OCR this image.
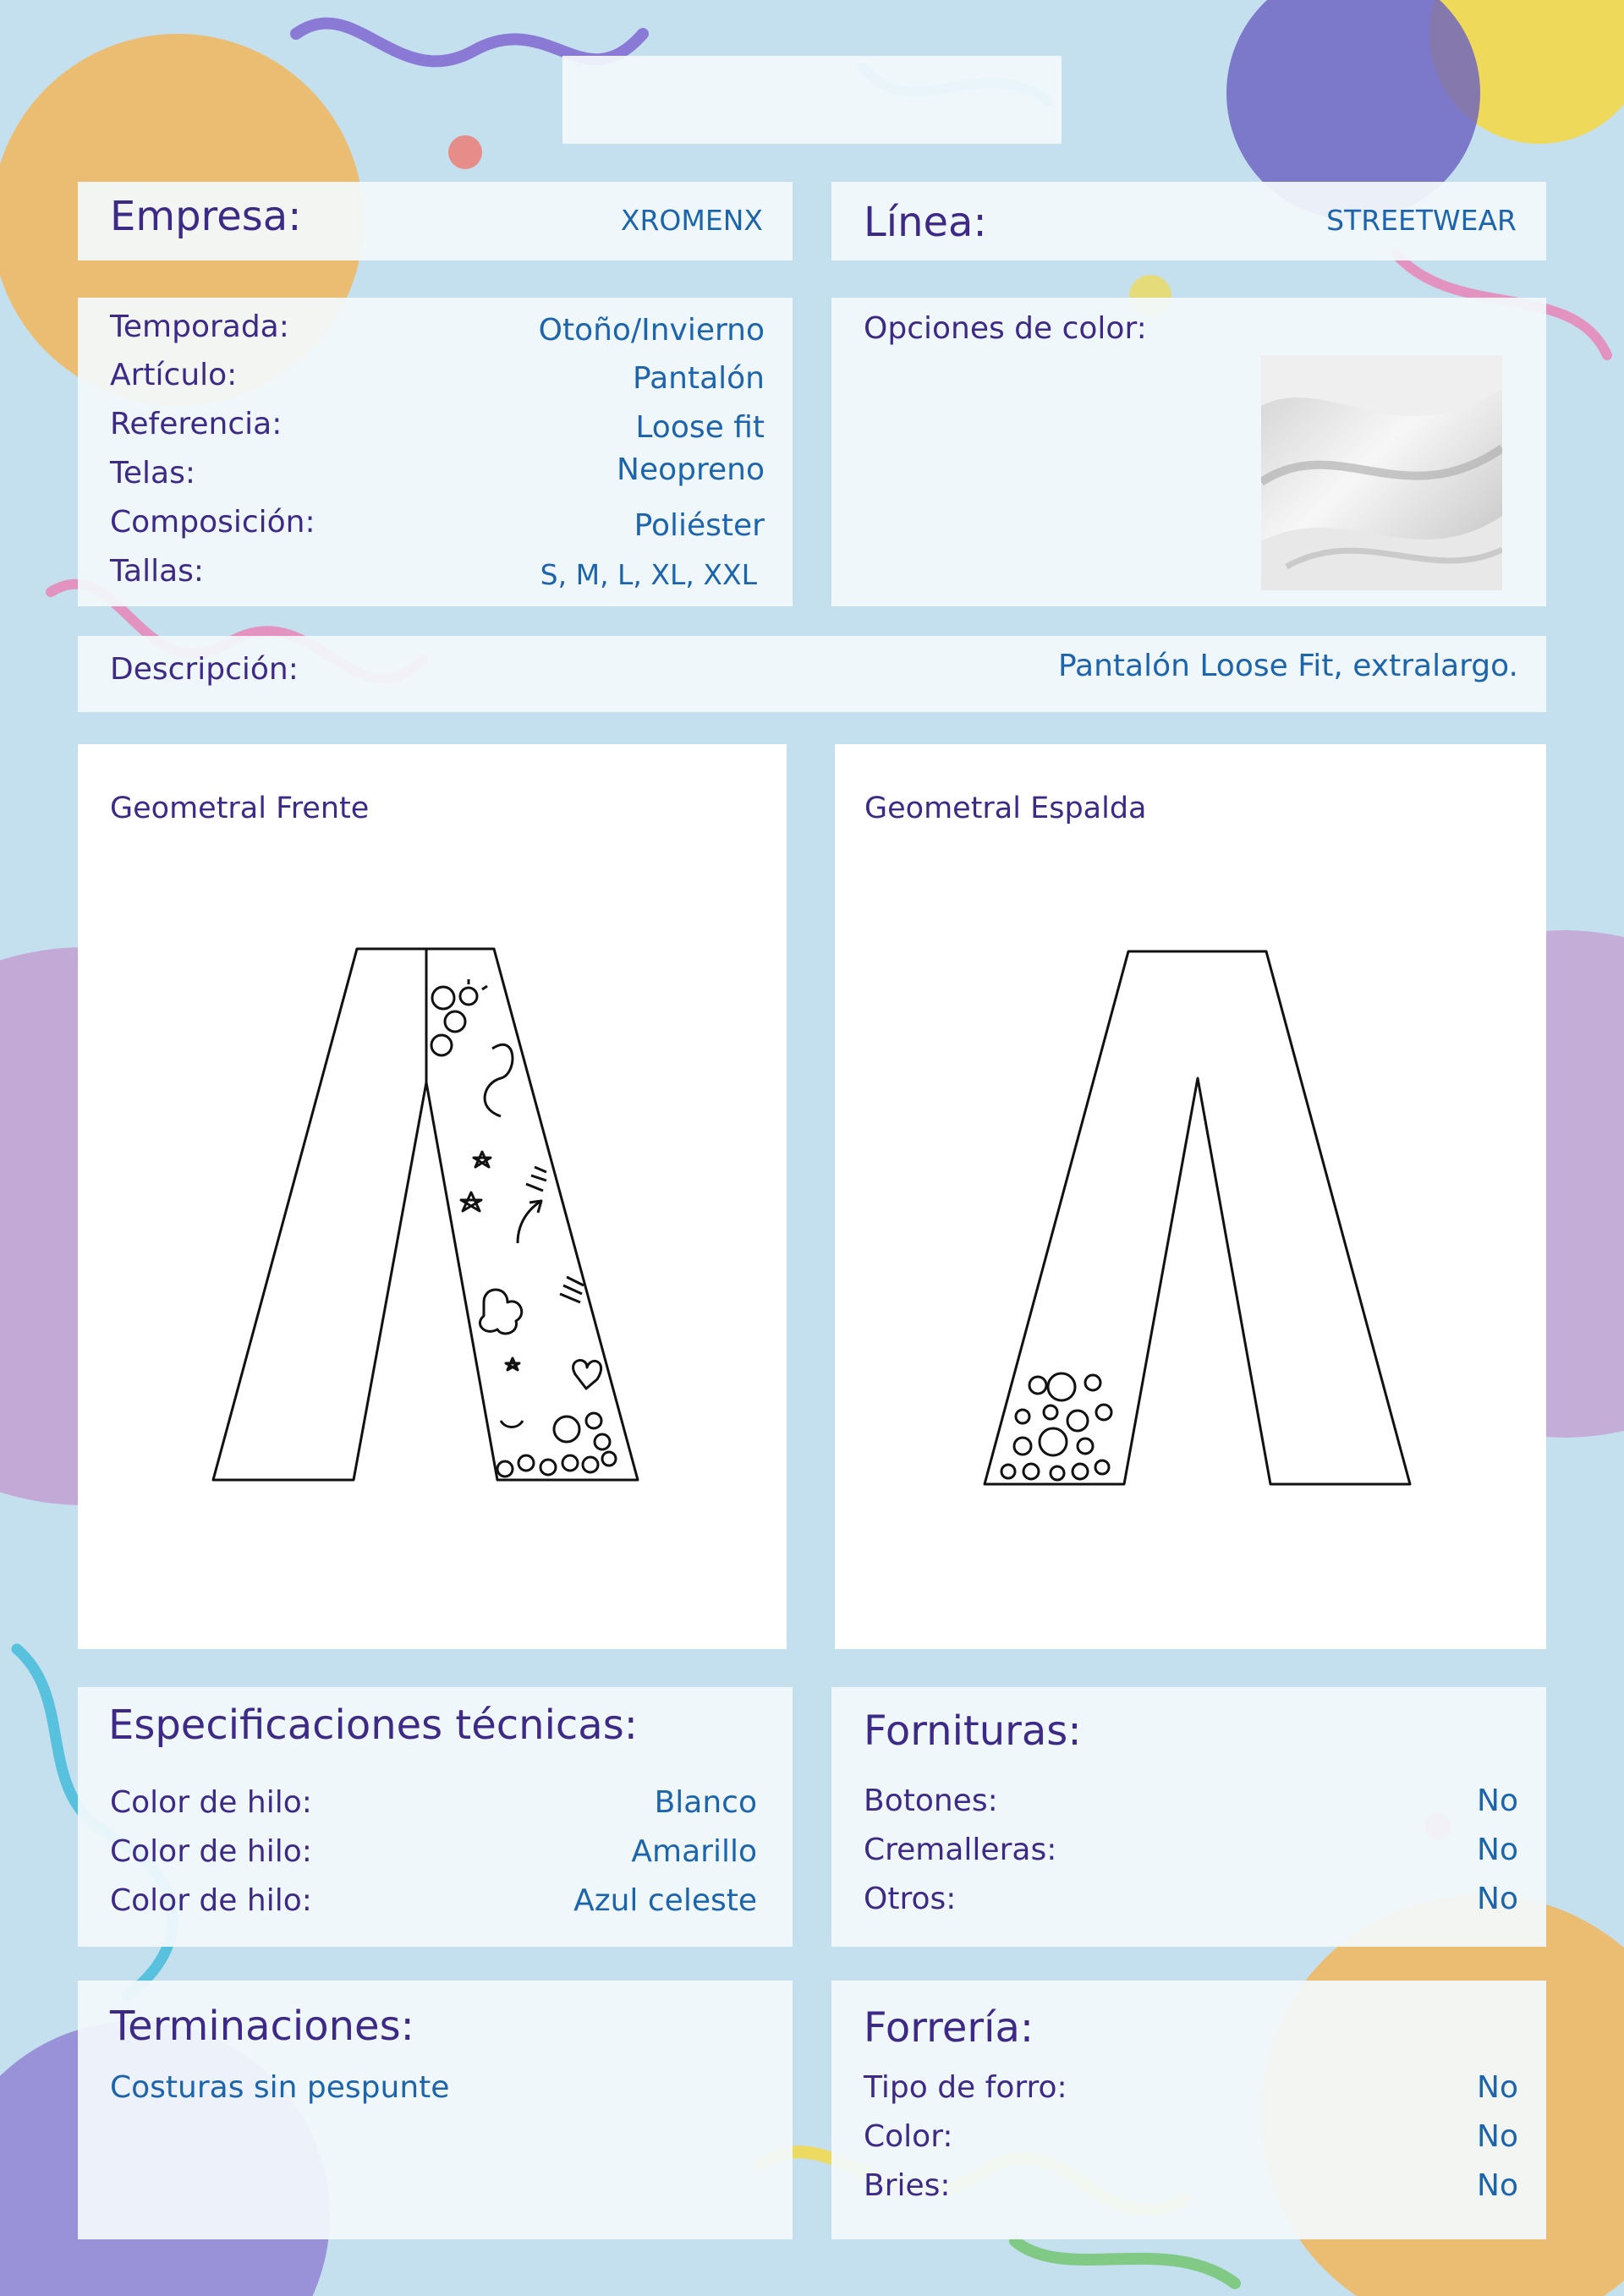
Empresa:	XROMENX Línea:	STREETWEAR
Temporada:	Otoño/Invierno
Artículo:	Pantalón
Referencia:	Loose fit
Telas:	Neopreno
Composición:	Poliéster
Tallas:	S, M, L, XL, XXL
Opciones de color:
Descripción:	Pantalón Loose Fit, extralargo.
Geometral Frente	Geometral Espalda
Especificaciones técnicas:
Color de hilo:	Blanco
Color de hilo:	Amarillo
Color de hilo:	Azul celeste
Fornituras:
Botones:	No
Cremalleras:	No
Otros:	No
Terminaciones:
Costuras sin pespunte
Forrería:
Tipo de forro:	No
Color:	No
Bries:	No
